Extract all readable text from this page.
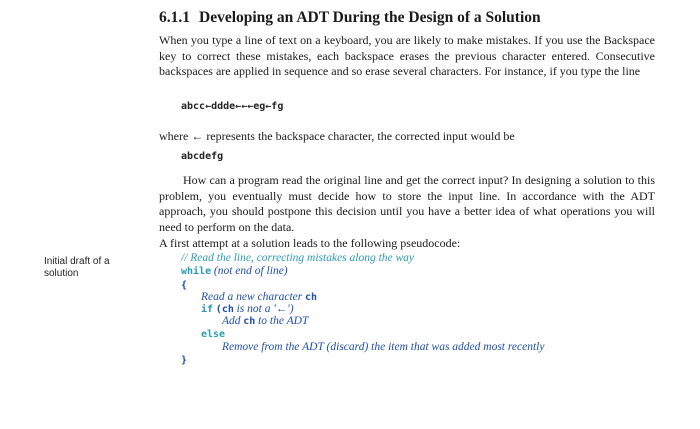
6.1.1 Developing an ADT During the Design of a Solution
When you type a line of text on a keyboard, you are likely to make mistakes. If you use the Backspace key to correct these mistakes, each backspace erases the previous character entered. Consecutive backspaces are applied in sequence and so erase several characters. For instance, if you type the line
abcc←ddde←←←eg←fg
where ← represents the backspace character, the corrected input would be
abcdefg
How can a program read the original line and get the correct input? In designing a solution to this problem, you eventually must decide how to store the input line. In accordance with the ADT approach, you should postpone this decision until you have a better idea of what operations you will need to perform on the data.
A first attempt at a solution leads to the following pseudocode:
Initial draft of a solution
// Read the line, correcting mistakes along the way
while (not end of line)
{
Read a new character ch
if (ch is not a '←')
Add ch to the ADT
else
Remove from the ADT (discard) the item that was added most recently
}
